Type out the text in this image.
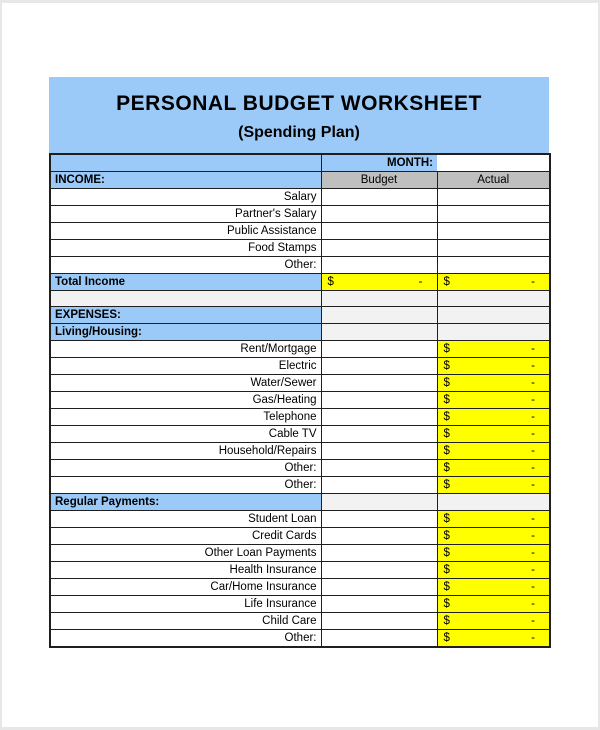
PERSONAL BUDGET WORKSHEET
(Spending Plan)
	MONTH:	
INCOME:	Budget	Actual
Salary		
Partner's Salary		
Public Assistance		
Food Stamps		
Other:		
Total Income	$ -	$ -

EXPENSES:		
Living/Housing:		
Rent/Mortgage		$ -

Electric		$ -

Water/Sewer		$ -

Gas/Heating		$ -

Telephone		$ -

Cable TV		$ -

Household/Repairs		$ -

Other:		$ -

Other:		$ -

Regular Payments:		
Student Loan		$ -

Credit Cards		$ -

Other Loan Payments		$ -

Health Insurance		$ -

Car/Home Insurance		$ -

Life Insurance		$ -

Child Care		$ -

Other:		$ -
